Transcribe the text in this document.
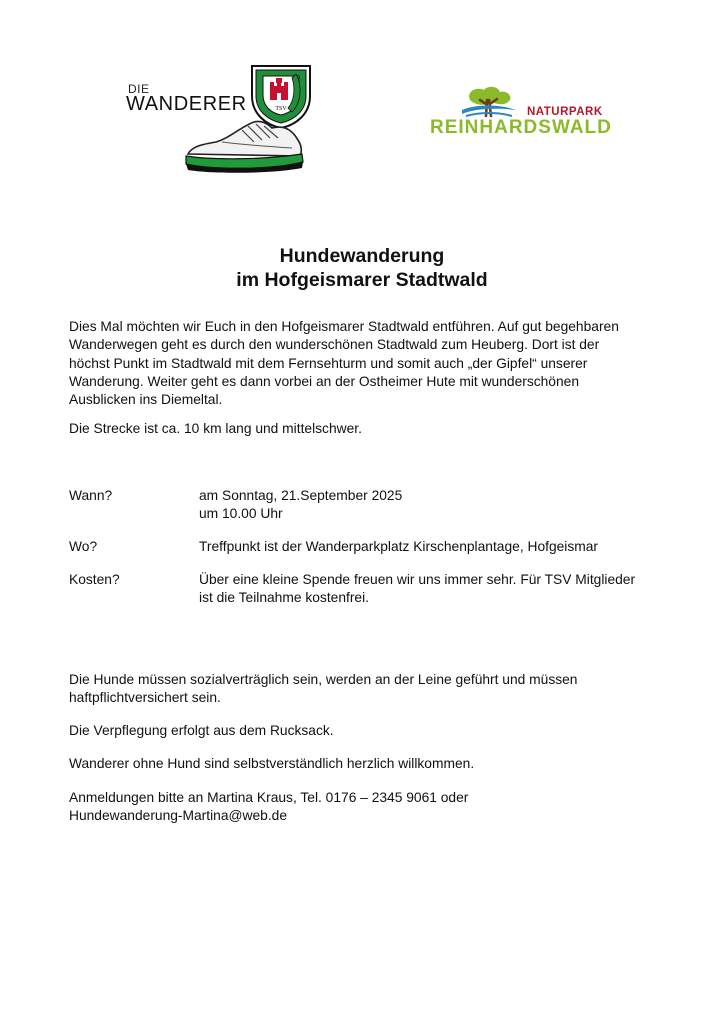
DIE
WANDERER	TSV	NATURPARK
REINHARDSWALD
Hundewanderung
im Hofgeismarer Stadtwald
Dies Mal möchten wir Euch in den Hofgeismarer Stadtwald entführen. Auf gut begehbaren
Wanderwegen geht es durch den wunderschönen Stadtwald zum Heuberg. Dort ist der
höchst Punkt im Stadtwald mit dem Fernsehturm und somit auch „der Gipfel“ unserer
Wanderung. Weiter geht es dann vorbei an der Ostheimer Hute mit wunderschönen
Ausblicken ins Diemeltal.
Die Strecke ist ca. 10 km lang und mittelschwer.
Wann?	am Sonntag, 21.September 2025
um 10.00 Uhr
Wo?	Treffpunkt ist der Wanderparkplatz Kirschenplantage, Hofgeismar
Kosten?	Über eine kleine Spende freuen wir uns immer sehr. Für TSV Mitglieder
ist die Teilnahme kostenfrei.
Die Hunde müssen sozialverträglich sein, werden an der Leine geführt und müssen
haftpflichtversichert sein.
Die Verpflegung erfolgt aus dem Rucksack.
Wanderer ohne Hund sind selbstverständlich herzlich willkommen.
Anmeldungen bitte an Martina Kraus, Tel. 0176 – 2345 9061 oder
Hundewanderung-Martina@web.de
